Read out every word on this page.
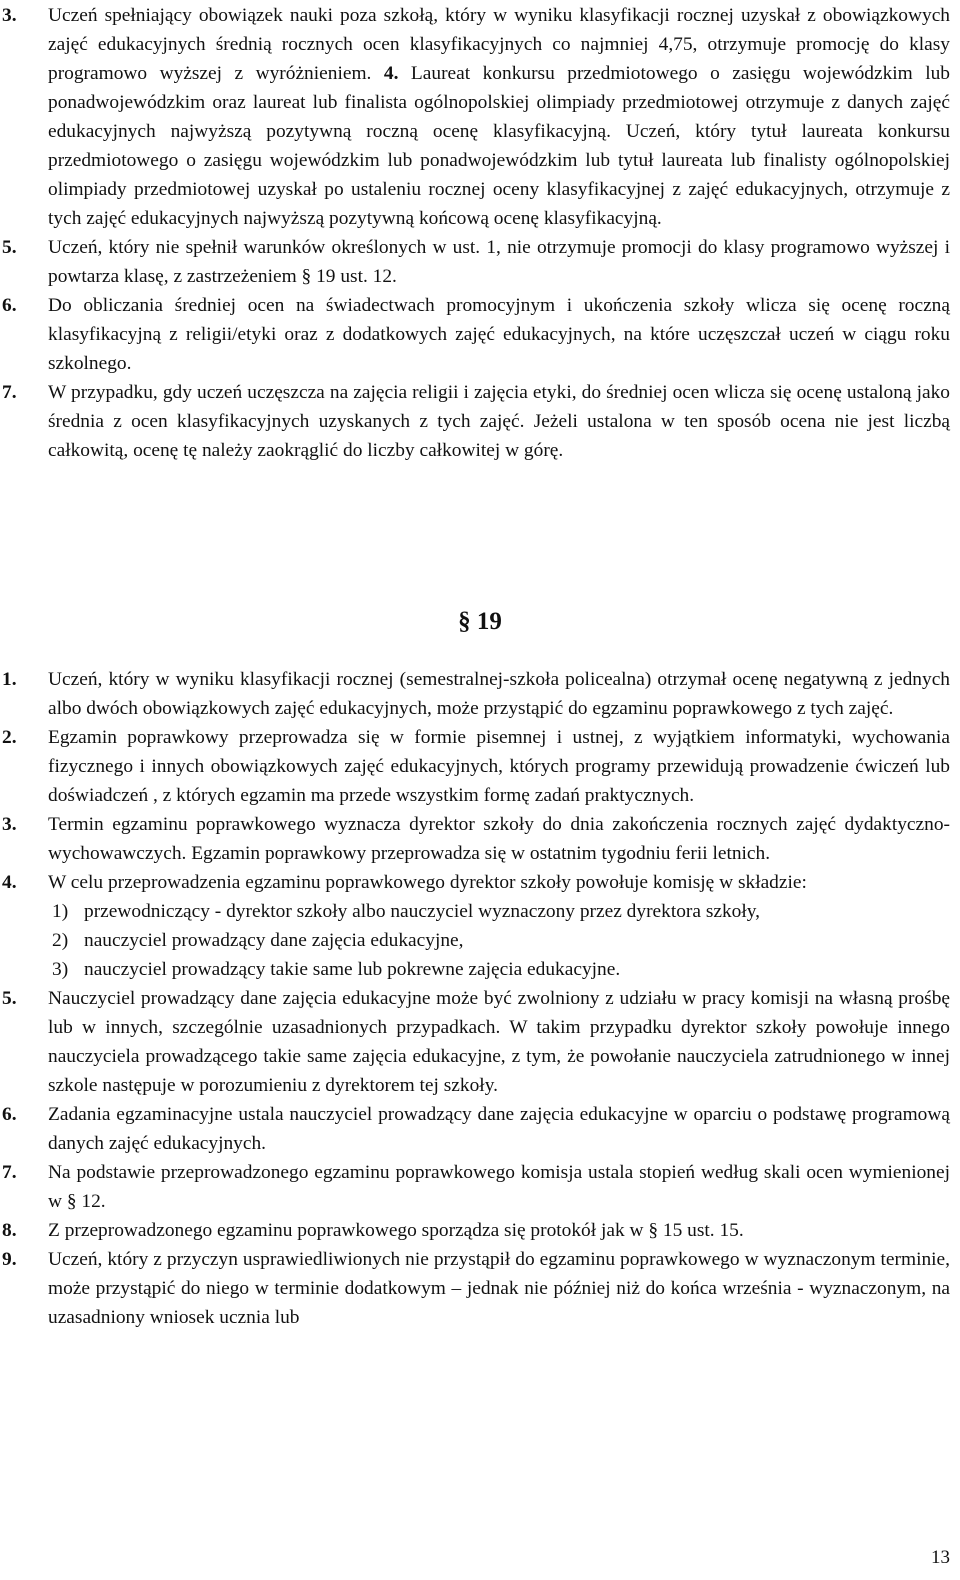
3. Uczeń spełniający obowiązek nauki poza szkołą, który w wyniku klasyfikacji rocznej uzyskał z obowiązkowych zajęć edukacyjnych średnią rocznych ocen klasyfikacyjnych co najmniej 4,75, otrzymuje promocję do klasy programowo wyższej z wyróżnieniem. 4. Laureat konkursu przedmiotowego o zasięgu wojewódzkim lub ponadwojewódzkim oraz laureat lub finalista ogólnopolskiej olimpiady przedmiotowej otrzymuje z danych zajęć edukacyjnych najwyższą pozytywną roczną ocenę klasyfikacyjną. Uczeń, który tytuł laureata konkursu przedmiotowego o zasięgu wojewódzkim lub ponadwojewódzkim lub tytuł laureata lub finalisty ogólnopolskiej olimpiady przedmiotowej uzyskał po ustaleniu rocznej oceny klasyfikacyjnej z zajęć edukacyjnych, otrzymuje z tych zajęć edukacyjnych najwyższą pozytywną końcową ocenę klasyfikacyjną.
5. Uczeń, który nie spełnił warunków określonych w ust. 1, nie otrzymuje promocji do klasy programowo wyższej i powtarza klasę, z zastrzeżeniem § 19 ust. 12.
6. Do obliczania średniej ocen na świadectwach promocyjnym i ukończenia szkoły wlicza się ocenę roczną klasyfikacyjną z religii/etyki oraz z dodatkowych zajęć edukacyjnych, na które uczęszczał uczeń w ciągu roku szkolnego.
7. W przypadku, gdy uczeń uczęszcza na zajęcia religii i zajęcia etyki, do średniej ocen wlicza się ocenę ustaloną jako średnia z ocen klasyfikacyjnych uzyskanych z tych zajęć. Jeżeli ustalona w ten sposób ocena nie jest liczbą całkowitą, ocenę tę należy zaokrąglić do liczby całkowitej w górę.
§ 19
1. Uczeń, który w wyniku klasyfikacji rocznej (semestralnej-szkoła policealna) otrzymał ocenę negatywną z jednych albo dwóch obowiązkowych zajęć edukacyjnych, może przystąpić do egzaminu poprawkowego z tych zajęć.
2. Egzamin poprawkowy przeprowadza się w formie pisemnej i ustnej, z wyjątkiem informatyki, wychowania fizycznego i innych obowiązkowych zajęć edukacyjnych, których programy przewidują prowadzenie ćwiczeń lub doświadczeń , z których egzamin ma przede wszystkim formę zadań praktycznych.
3. Termin egzaminu poprawkowego wyznacza dyrektor szkoły do dnia zakończenia rocznych zajęć dydaktyczno-wychowawczych. Egzamin poprawkowy przeprowadza się w ostatnim tygodniu ferii letnich.
4. W celu przeprowadzenia egzaminu poprawkowego dyrektor szkoły powołuje komisję w składzie:
1) przewodniczący - dyrektor szkoły albo nauczyciel wyznaczony przez dyrektora szkoły,
2) nauczyciel prowadzący dane zajęcia edukacyjne,
3) nauczyciel prowadzący takie same lub pokrewne zajęcia edukacyjne.
5. Nauczyciel prowadzący dane zajęcia edukacyjne może być zwolniony z udziału w pracy komisji na własną prośbę lub w innych, szczególnie uzasadnionych przypadkach. W takim przypadku dyrektor szkoły powołuje innego nauczyciela prowadzącego takie same zajęcia edukacyjne, z tym, że powołanie nauczyciela zatrudnionego w innej szkole następuje w porozumieniu z dyrektorem tej szkoły.
6. Zadania egzaminacyjne ustala nauczyciel prowadzący dane zajęcia edukacyjne w oparciu o podstawę programową danych zajęć edukacyjnych.
7. Na podstawie przeprowadzonego egzaminu poprawkowego komisja ustala stopień według skali ocen wymienionej w § 12.
8. Z przeprowadzonego egzaminu poprawkowego sporządza się protokół jak w § 15 ust. 15.
9. Uczeń, który z przyczyn usprawiedliwionych nie przystąpił do egzaminu poprawkowego w wyznaczonym terminie, może przystąpić do niego w terminie dodatkowym – jednak nie później niż do końca września - wyznaczonym, na uzasadniony wniosek ucznia lub
13
